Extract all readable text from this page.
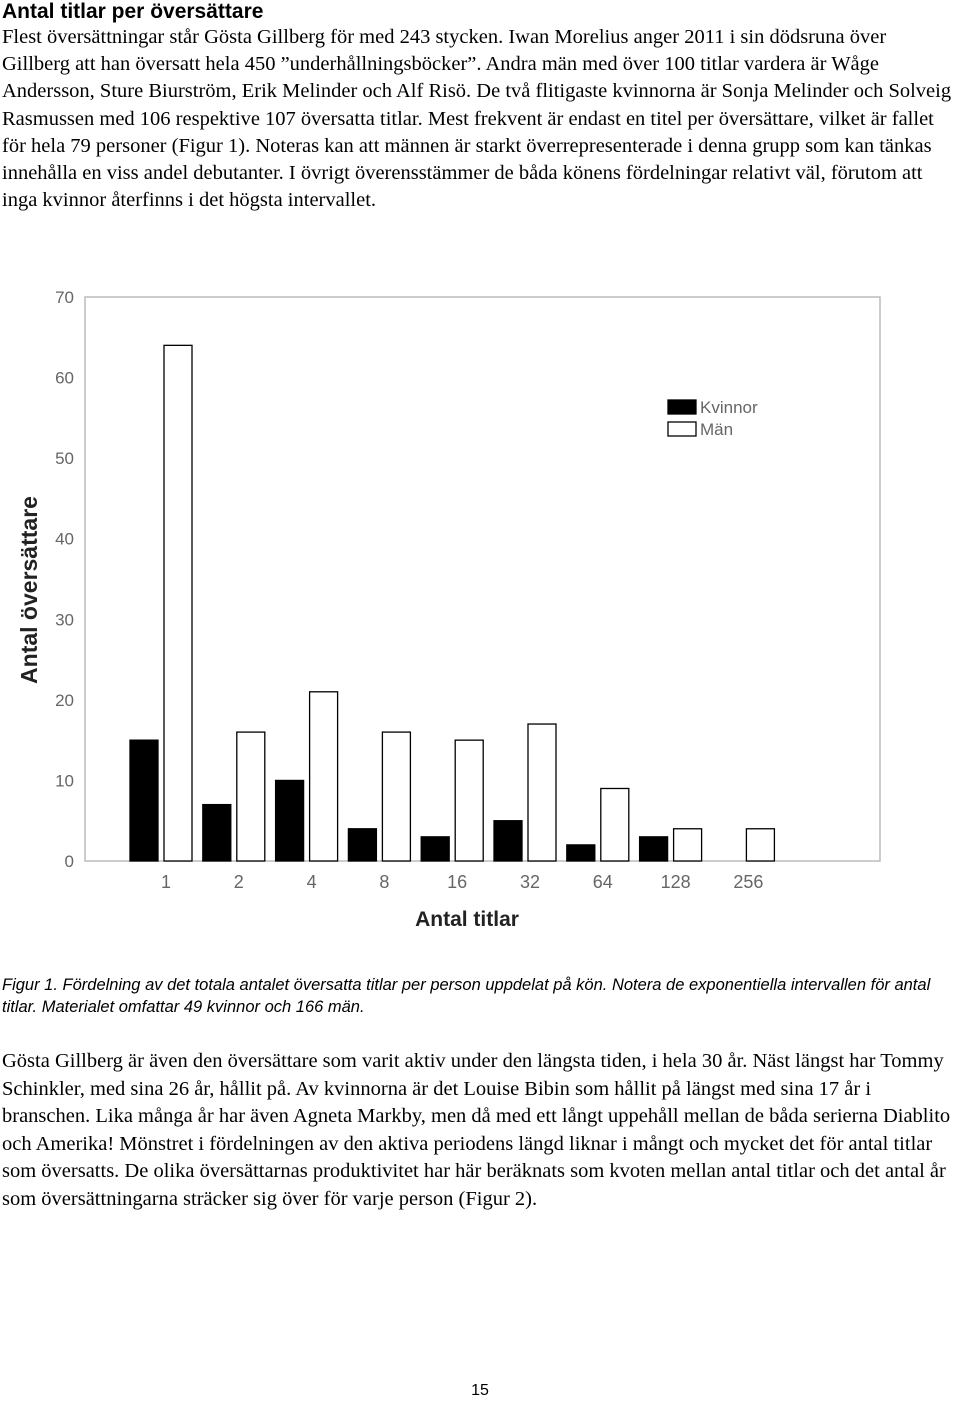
Antal titlar per översättare

Flest översättningar står Gösta Gillberg för med 243 stycken. Iwan Morelius anger 2011 i sin dödsruna över Gillberg att han översatt hela 450 ”underhållningsböcker”. Andra män med över 100 titlar vardera är Wåge Andersson, Sture Biurström, Erik Melinder och Alf Risö. De två flitigaste kvinnorna är Sonja Melinder och Solveig Rasmussen med 106 respektive 107 översatta titlar. Mest frekvent är endast en titel per översättare, vilket är fallet för hela 79 personer (Figur 1). Noteras kan att männen är starkt överrepresenterade i denna grupp som kan tänkas innehålla en viss andel debutanter. I övrigt överensstämmer de båda könens fördelningar relativt väl, förutom att inga kvinnor återfinns i det högsta intervallet.

0
10
20
30
40
50
60
70
1	2	4	8	16	32	64	128 256
Kvinnor
Män
Antal översättare
Antal titlar

Figur 1. Fördelning av det totala antalet översatta titlar per person uppdelat på kön. Notera de exponentiella intervallen för antal titlar. Materialet omfattar 49 kvinnor och 166 män.

Gösta Gillberg är även den översättare som varit aktiv under den längsta tiden, i hela 30 år. Näst längst har Tommy Schinkler, med sina 26 år, hållit på. Av kvinnorna är det Louise Bibin som hållit på längst med sina 17 år i branschen. Lika många år har även Agneta Markby, men då med ett långt uppehåll mellan de båda serierna Diablito och Amerika! Mönstret i fördelningen av den aktiva periodens längd liknar i mångt och mycket det för antal titlar som översatts. De olika översättarnas produktivitet har här beräknats som kvoten mellan antal titlar och det antal år som översättningarna sträcker sig över för varje person (Figur 2).

15
